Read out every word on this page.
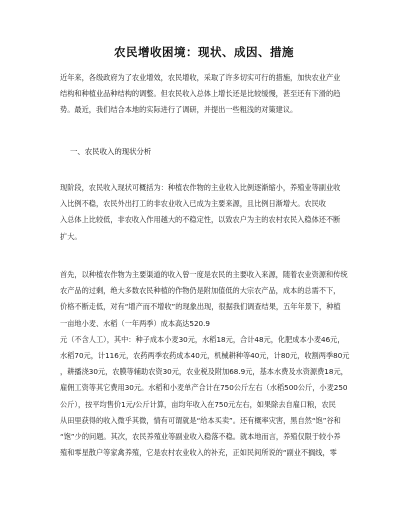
农民增收困境：现状、成因、措施
近年来，各级政府为了农业增效，农民增收，采取了许多切实可行的措施，加快农业产业
结构和种植业品种结构的调整。但农民收入总体上增长还是比较缓慢，甚至还有下滑的趋
势。最近，我们结合本地的实际进行了调研，并提出一些粗浅的对策建议。
一、农民收入的现状分析
现阶段，农民收入现状可概括为：种植农作物的主业收入比例逐渐缩小，养殖业等副业收
入比例不稳，农民外出打工的非农业收入已成为主要来源，且比例日渐增大。农民收
入总体上比较低，非农收入作用越大的不稳定性，以致农户为主的农村农民入稳体还不断
扩大。
首先，以种植农作物为主要渠道的收入曾一度是农民的主要收入来源，随着农业资源和传统
农产品的过剩，绝大多数农民种植的作物仍是附加值低的大宗农产品，成本的总需不下，
价格不断走低，对有“增产而不增收”的现象出现，很据我们调查结果，五年年景下，种植
一亩地小麦、水稻（一年两季）成本高达520.9
元（不含人工），其中：种子成本小麦30元，水稻18元，合计48元，化肥成本小麦46元，
水稻70元，计116元，农药两季农药成本40元，机械耕种等40元，计80元，收割两季80元
，耕播浇30元，农膜等辅助农资30元，农业税及附加68.9元，基本水费及水资源费18元，
雇佣工资等其它费用30元。水稻和小麦单产合计在750公斤左右（水稻500公斤，小麦250
公斤），按平均售价1元/公斤计算，亩均年收入在750元左右，如果除去自雇口粮，农民
从田里获得的收入微乎其微，情有可谓就是“给本买卖”。还有概率灾害，黑自然“饱”谷和
“饱”少的问题。其次，农民养殖业等副业收入稳落不稳。就本地而言，养殖仅限于较小养
殖和零星散户等家禽养殖，它是农村农业收入的补充，正如民间所说的“副业不搁线，零
